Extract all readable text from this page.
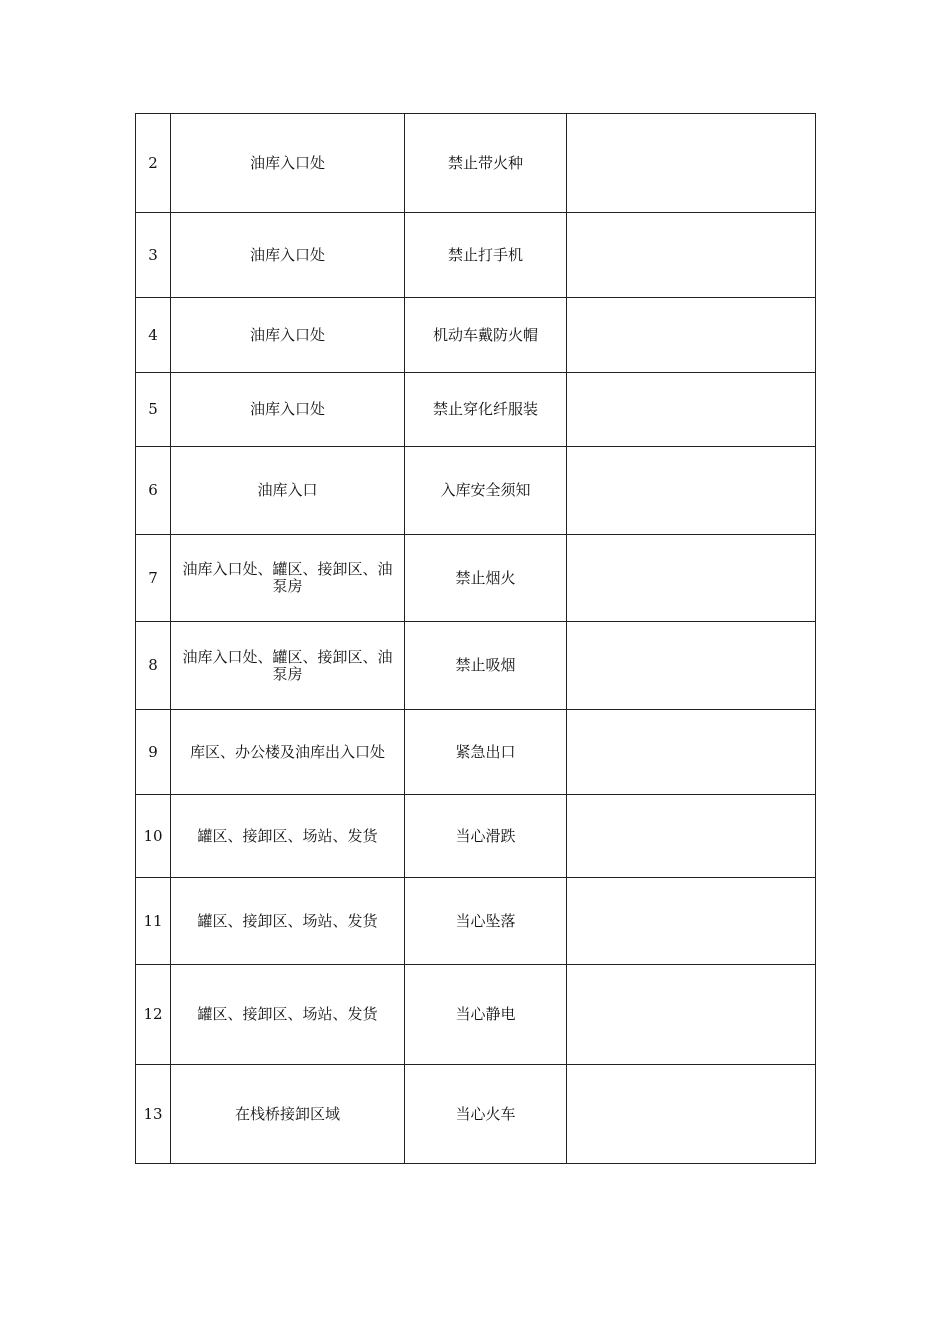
2	油库入口处	禁止带火种	
3	油库入口处	禁止打手机	
4	油库入口处	机动车戴防火帽	
5	油库入口处	禁止穿化纤服装	
6	油库入口	入库安全须知	
7	油库入口处、罐区、接卸区、油泵房	禁止烟火	
8	油库入口处、罐区、接卸区、油泵房	禁止吸烟	
9	库区、办公楼及油库出入口处	紧急出口	
10	罐区、接卸区、场站、发货	当心滑跌	
11	罐区、接卸区、场站、发货	当心坠落	
12	罐区、接卸区、场站、发货	当心静电	
13	在栈桥接卸区域	当心火车	
